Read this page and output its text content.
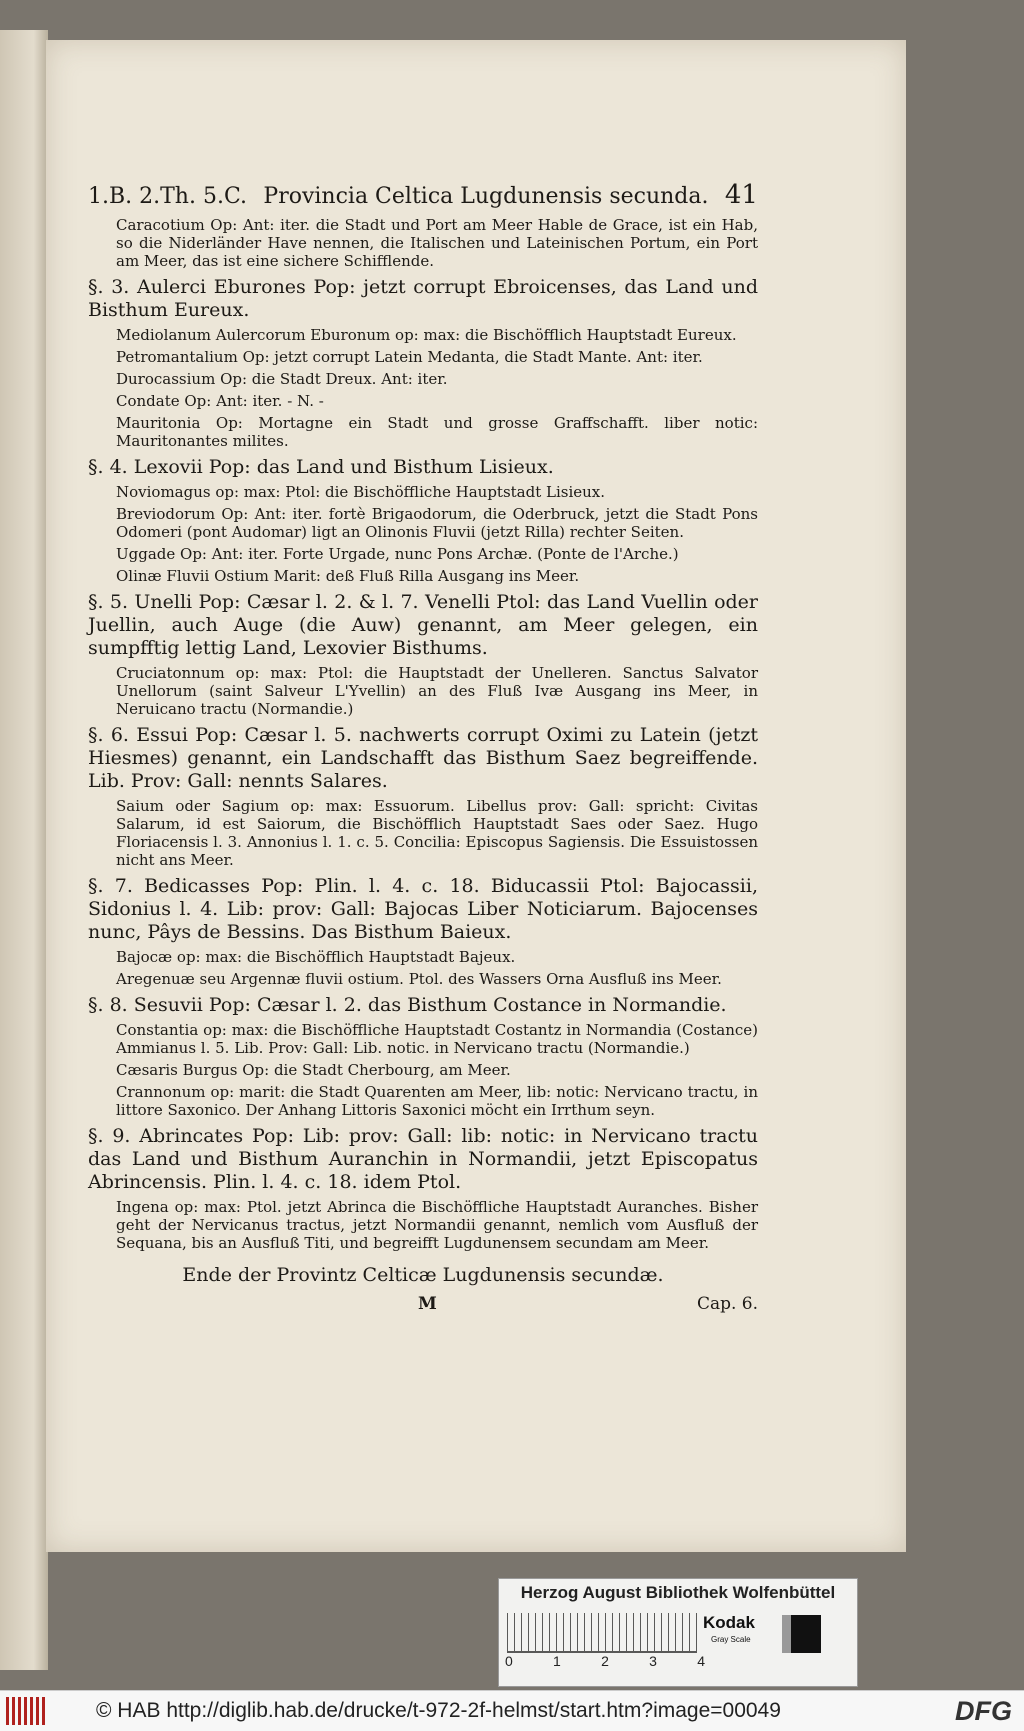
1.B. 2.Th. 5.C. Provincia Celtica Lugdunensis secunda. 41

Caracotium Op: Ant: iter. die Stadt und Port am Meer Hable de Grace, ist ein Hab, so die Niderländer Have nennen, die Italischen und Lateinischen Portum, ein Port am Meer, das ist eine sichere Schifflende.

§. 3. Aulerci Eburones Pop: jetzt corrupt Ebroicenses, das Land und Bisthum Eureux.

Mediolanum Aulercorum Eburonum op: max: die Bischöfflich Hauptstadt Eureux.

Petromantalium Op: jetzt corrupt Latein Medanta, die Stadt Mante. Ant: iter.

Durocassium Op: die Stadt Dreux. Ant: iter.

Condate Op: Ant: iter. - N. -

Mauritonia Op: Mortagne ein Stadt und grosse Graffschafft. liber notic: Mauritonantes milites.

§. 4. Lexovii Pop: das Land und Bisthum Lisieux.

Noviomagus op: max: Ptol: die Bischöffliche Hauptstadt Lisieux.

Breviodorum Op: Ant: iter. fortè Brigaodorum, die Oderbruck, jetzt die Stadt Pons Odomeri (pont Audomar) ligt an Olinonis Fluvii (jetzt Rilla) rechter Seiten.

Uggade Op: Ant: iter. Forte Urgade, nunc Pons Archæ. (Ponte de l'Arche.)

Olinæ Fluvii Ostium Marit: deß Fluß Rilla Ausgang ins Meer.

§. 5. Unelli Pop: Cæsar l. 2. & l. 7. Venelli Ptol: das Land Vuellin oder Juellin, auch Auge (die Auw) genannt, am Meer gelegen, ein sumpfftig lettig Land, Lexovier Bisthums.

Cruciatonnum op: max: Ptol: die Hauptstadt der Unelleren. Sanctus Salvator Unellorum (saint Salveur L'Yvellin) an des Fluß Ivæ Ausgang ins Meer, in Neruicano tractu (Normandie.)

§. 6. Essui Pop: Cæsar l. 5. nachwerts corrupt Oximi zu Latein (jetzt Hiesmes) genannt, ein Landschafft das Bisthum Saez begreiffende. Lib. Prov: Gall: nennts Salares.

Saium oder Sagium op: max: Essuorum. Libellus prov: Gall: spricht: Civitas Salarum, id est Saiorum, die Bischöfflich Hauptstadt Saes oder Saez. Hugo Floriacensis l. 3. Annonius l. 1. c. 5. Concilia: Episcopus Sagiensis. Die Essuistossen nicht ans Meer.

§. 7. Bedicasses Pop: Plin. l. 4. c. 18. Biducassii Ptol: Bajocassii, Sidonius l. 4. Lib: prov: Gall: Bajocas Liber Noticiarum. Bajocenses nunc, Pâys de Bessins. Das Bisthum Baieux.

Bajocæ op: max: die Bischöfflich Hauptstadt Bajeux.

Aregenuæ seu Argennæ fluvii ostium. Ptol. des Wassers Orna Ausfluß ins Meer.

§. 8. Sesuvii Pop: Cæsar l. 2. das Bisthum Costance in Normandie.

Constantia op: max: die Bischöffliche Hauptstadt Costantz in Normandia (Costance) Ammianus l. 5. Lib. Prov: Gall: Lib. notic. in Nervicano tractu (Normandie.)

Cæsaris Burgus Op: die Stadt Cherbourg, am Meer.

Crannonum op: marit: die Stadt Quarenten am Meer, lib: notic: Nervicano tractu, in littore Saxonico. Der Anhang Littoris Saxonici möcht ein Irrthum seyn.

§. 9. Abrincates Pop: Lib: prov: Gall: lib: notic: in Nervicano tractu das Land und Bisthum Auranchin in Normandii, jetzt Episcopatus Abrincensis. Plin. l. 4. c. 18. idem Ptol.

Ingena op: max: Ptol. jetzt Abrinca die Bischöffliche Hauptstadt Auranches. Bisher geht der Nervicanus tractus, jetzt Normandii genannt, nemlich vom Ausfluß der Sequana, bis an Ausfluß Titi, und begreifft Lugdunensem secundam am Meer.

Ende der Provintz Celticæ Lugdunensis secundæ.

M	Cap. 6.
Herzog August Bibliothek Wolfenbüttel
0	1	2	3	4
Kodak
Gray Scale
© HAB http://diglib.hab.de/drucke/t-972-2f-helmst/start.htm?image=00049	DFG
